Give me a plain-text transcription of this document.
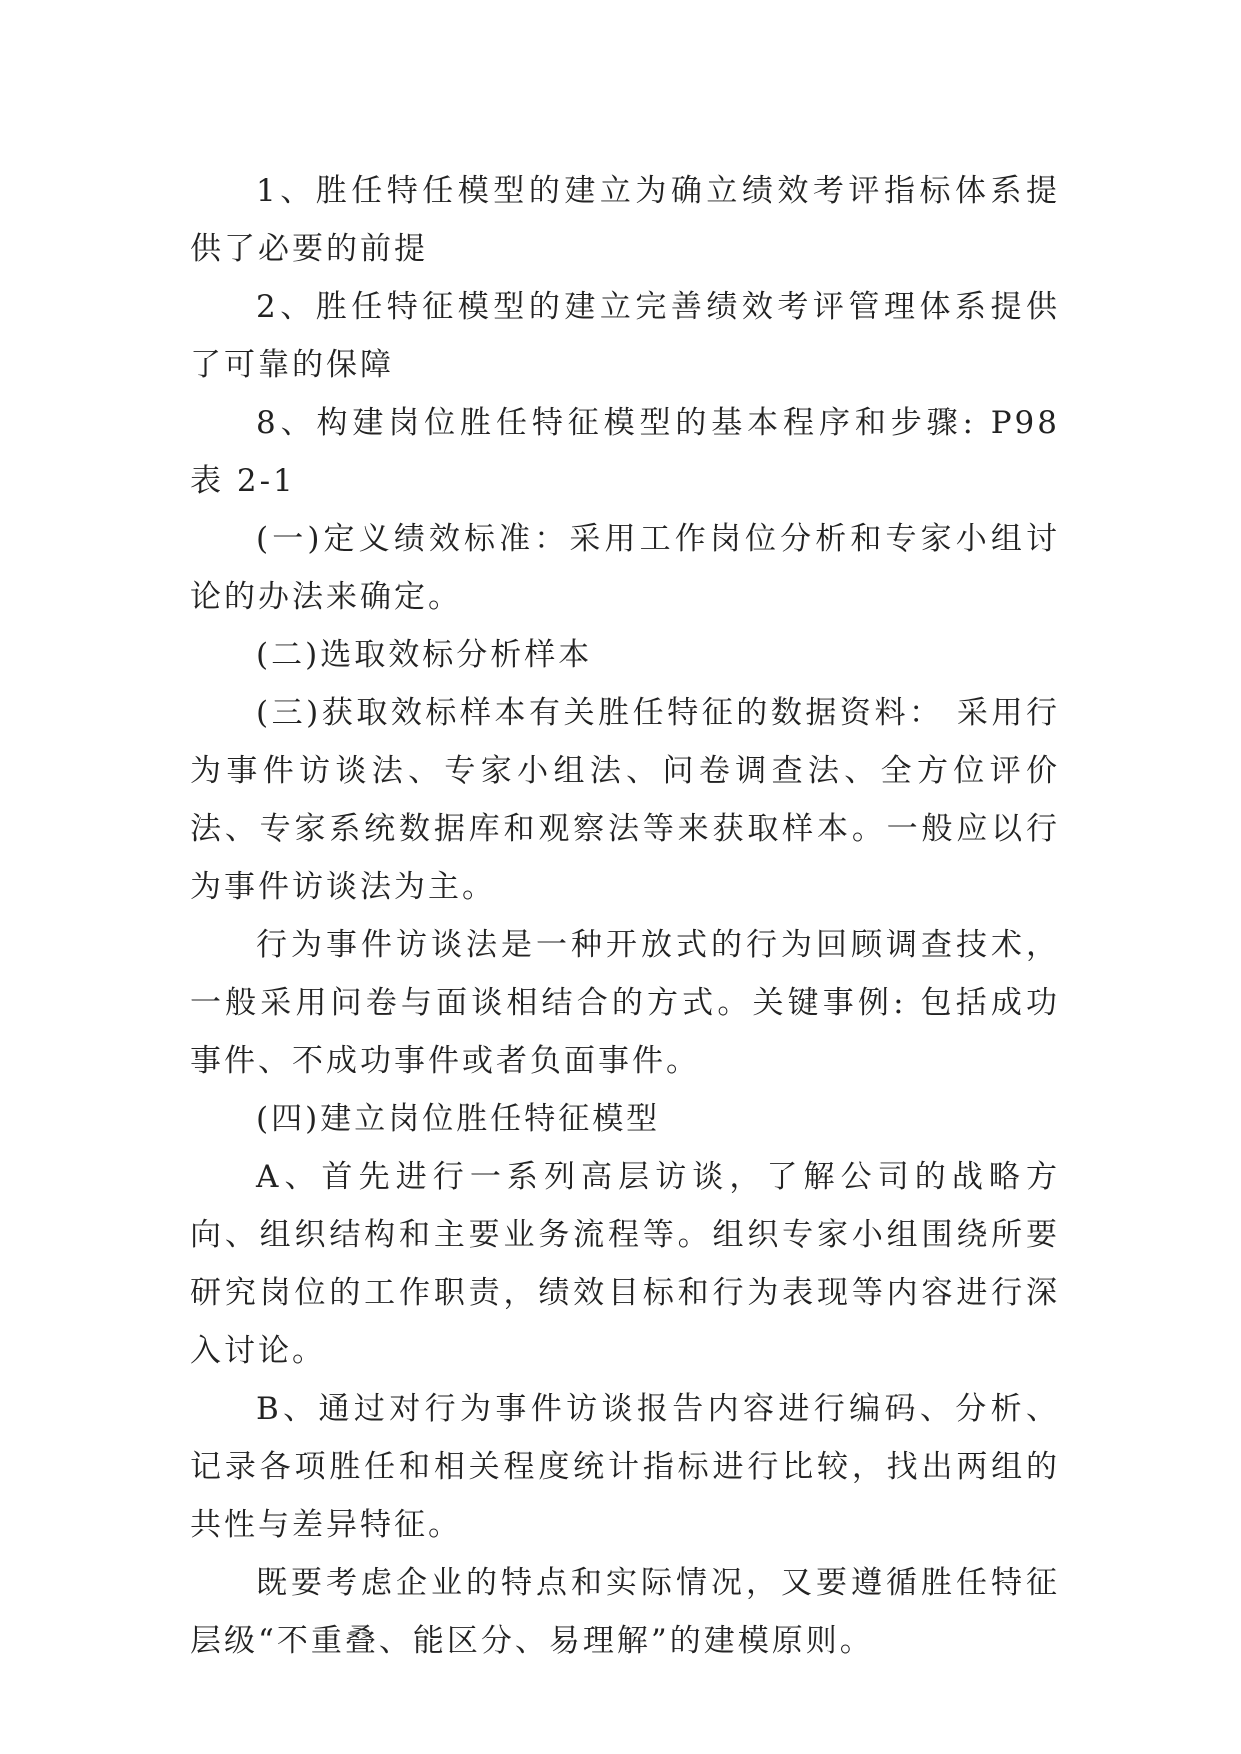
1、胜任特任模型的建立为确立绩效考评指标体系提供了必要的前提

2、胜任特征模型的建立完善绩效考评管理体系提供了可靠的保障

8、构建岗位胜任特征模型的基本程序和步骤: P98 表 2-1

(一)定义绩效标准：采用工作岗位分析和专家小组讨论的办法来确定。

(二)选取效标分析样本

(三)获取效标样本有关胜任特征的数据资料： 采用行为事件访谈法、专家小组法、问卷调查法、全方位评价法、专家系统数据库和观察法等来获取样本。一般应以行为事件访谈法为主。

行为事件访谈法是一种开放式的行为回顾调查技术，一般采用问卷与面谈相结合的方式。关键事例: 包括成功事件、不成功事件或者负面事件。

(四)建立岗位胜任特征模型

A、首先进行一系列高层访谈，了解公司的战略方向、组织结构和主要业务流程等。组织专家小组围绕所要研究岗位的工作职责，绩效目标和行为表现等内容进行深入讨论。

B、通过对行为事件访谈报告内容进行编码、分析、记录各项胜任和相关程度统计指标进行比较，找出两组的共性与差异特征。

既要考虑企业的特点和实际情况，又要遵循胜任特征层级“不重叠、能区分、易理解”的建模原则。
